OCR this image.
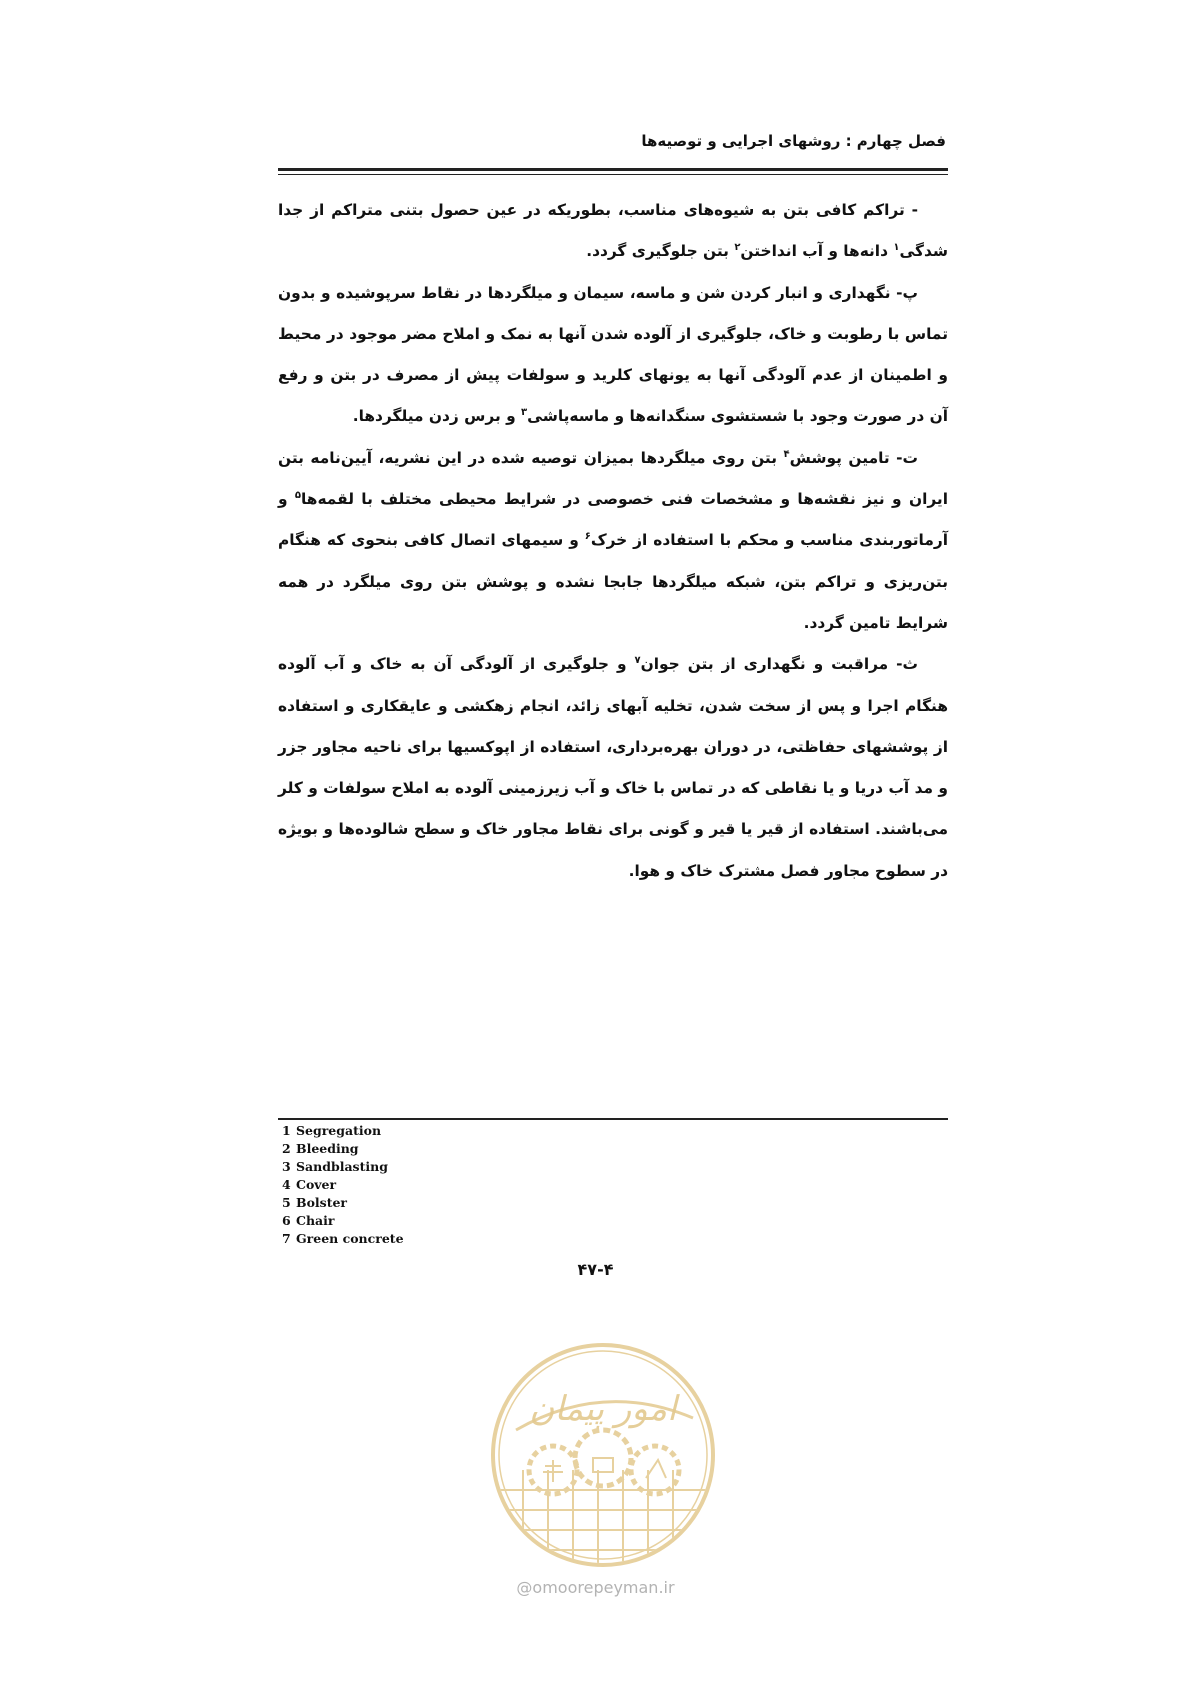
فصل چهارم : روشهای اجرایی و توصیه‌ها

- تراکم کافی بتن به شیوه‌های مناسب، بطوریکه در عین حصول بتنی متراکم از جدا شدگی$^۱$ دانه‌ها و آب انداختن$^۲$ بتن جلوگیری گردد.

پ- نگهداری و انبار کردن شن و ماسه، سیمان و میلگردها در نقاط سرپوشیده و بدون تماس با رطوبت و خاک، جلوگیری از آلوده شدن آنها به نمک و املاح مضر موجود در محیط و اطمینان از عدم آلودگی آنها به یونهای کلرید و سولفات پیش از مصرف در بتن و رفع آن در صورت وجود با شستشوی سنگدانه‌ها و ماسه‌پاشی$^۳$ و برس زدن میلگردها.

ت- تامین پوشش$^۴$ بتن روی میلگردها بمیزان توصیه شده در این نشریه، آیین‌نامه بتن ایران و نیز نقشه‌ها و مشخصات فنی خصوصی در شرایط محیطی مختلف با لقمه‌ها$^۵$ و آرماتوربندی مناسب و محکم با استفاده از خرک$^۶$ و سیمهای اتصال کافی بنحوی که هنگام بتن‌ریزی و تراکم بتن، شبکه میلگردها جابجا نشده و پوشش بتن روی میلگرد در همه شرایط تامین گردد.

ث- مراقبت و نگهداری از بتن جوان$^۷$ و جلوگیری از آلودگی آن به خاک و آب آلوده هنگام اجرا و پس از سخت شدن، تخلیه آبهای زائد، انجام زهکشی و عایقکاری و استفاده از پوششهای حفاظتی، در دوران بهره‌برداری، استفاده از اپوکسیها برای ناحیه مجاور جزر و مد آب دریا و یا نقاطی که در تماس با خاک و آب زیرزمینی آلوده به املاح سولفات و کلر می‌باشند. استفاده از قیر یا قیر و گونی برای نقاط مجاور خاک و سطح شالوده‌ها و بویژه در سطوح مجاور فصل مشترک خاک و هوا.

1 Segregation
2 Bleeding
3 Sandblasting
4 Cover
5 Bolster
6 Chair
7 Green concrete
۴۷-۴
امور پیمان
@omoorepeyman.ir
